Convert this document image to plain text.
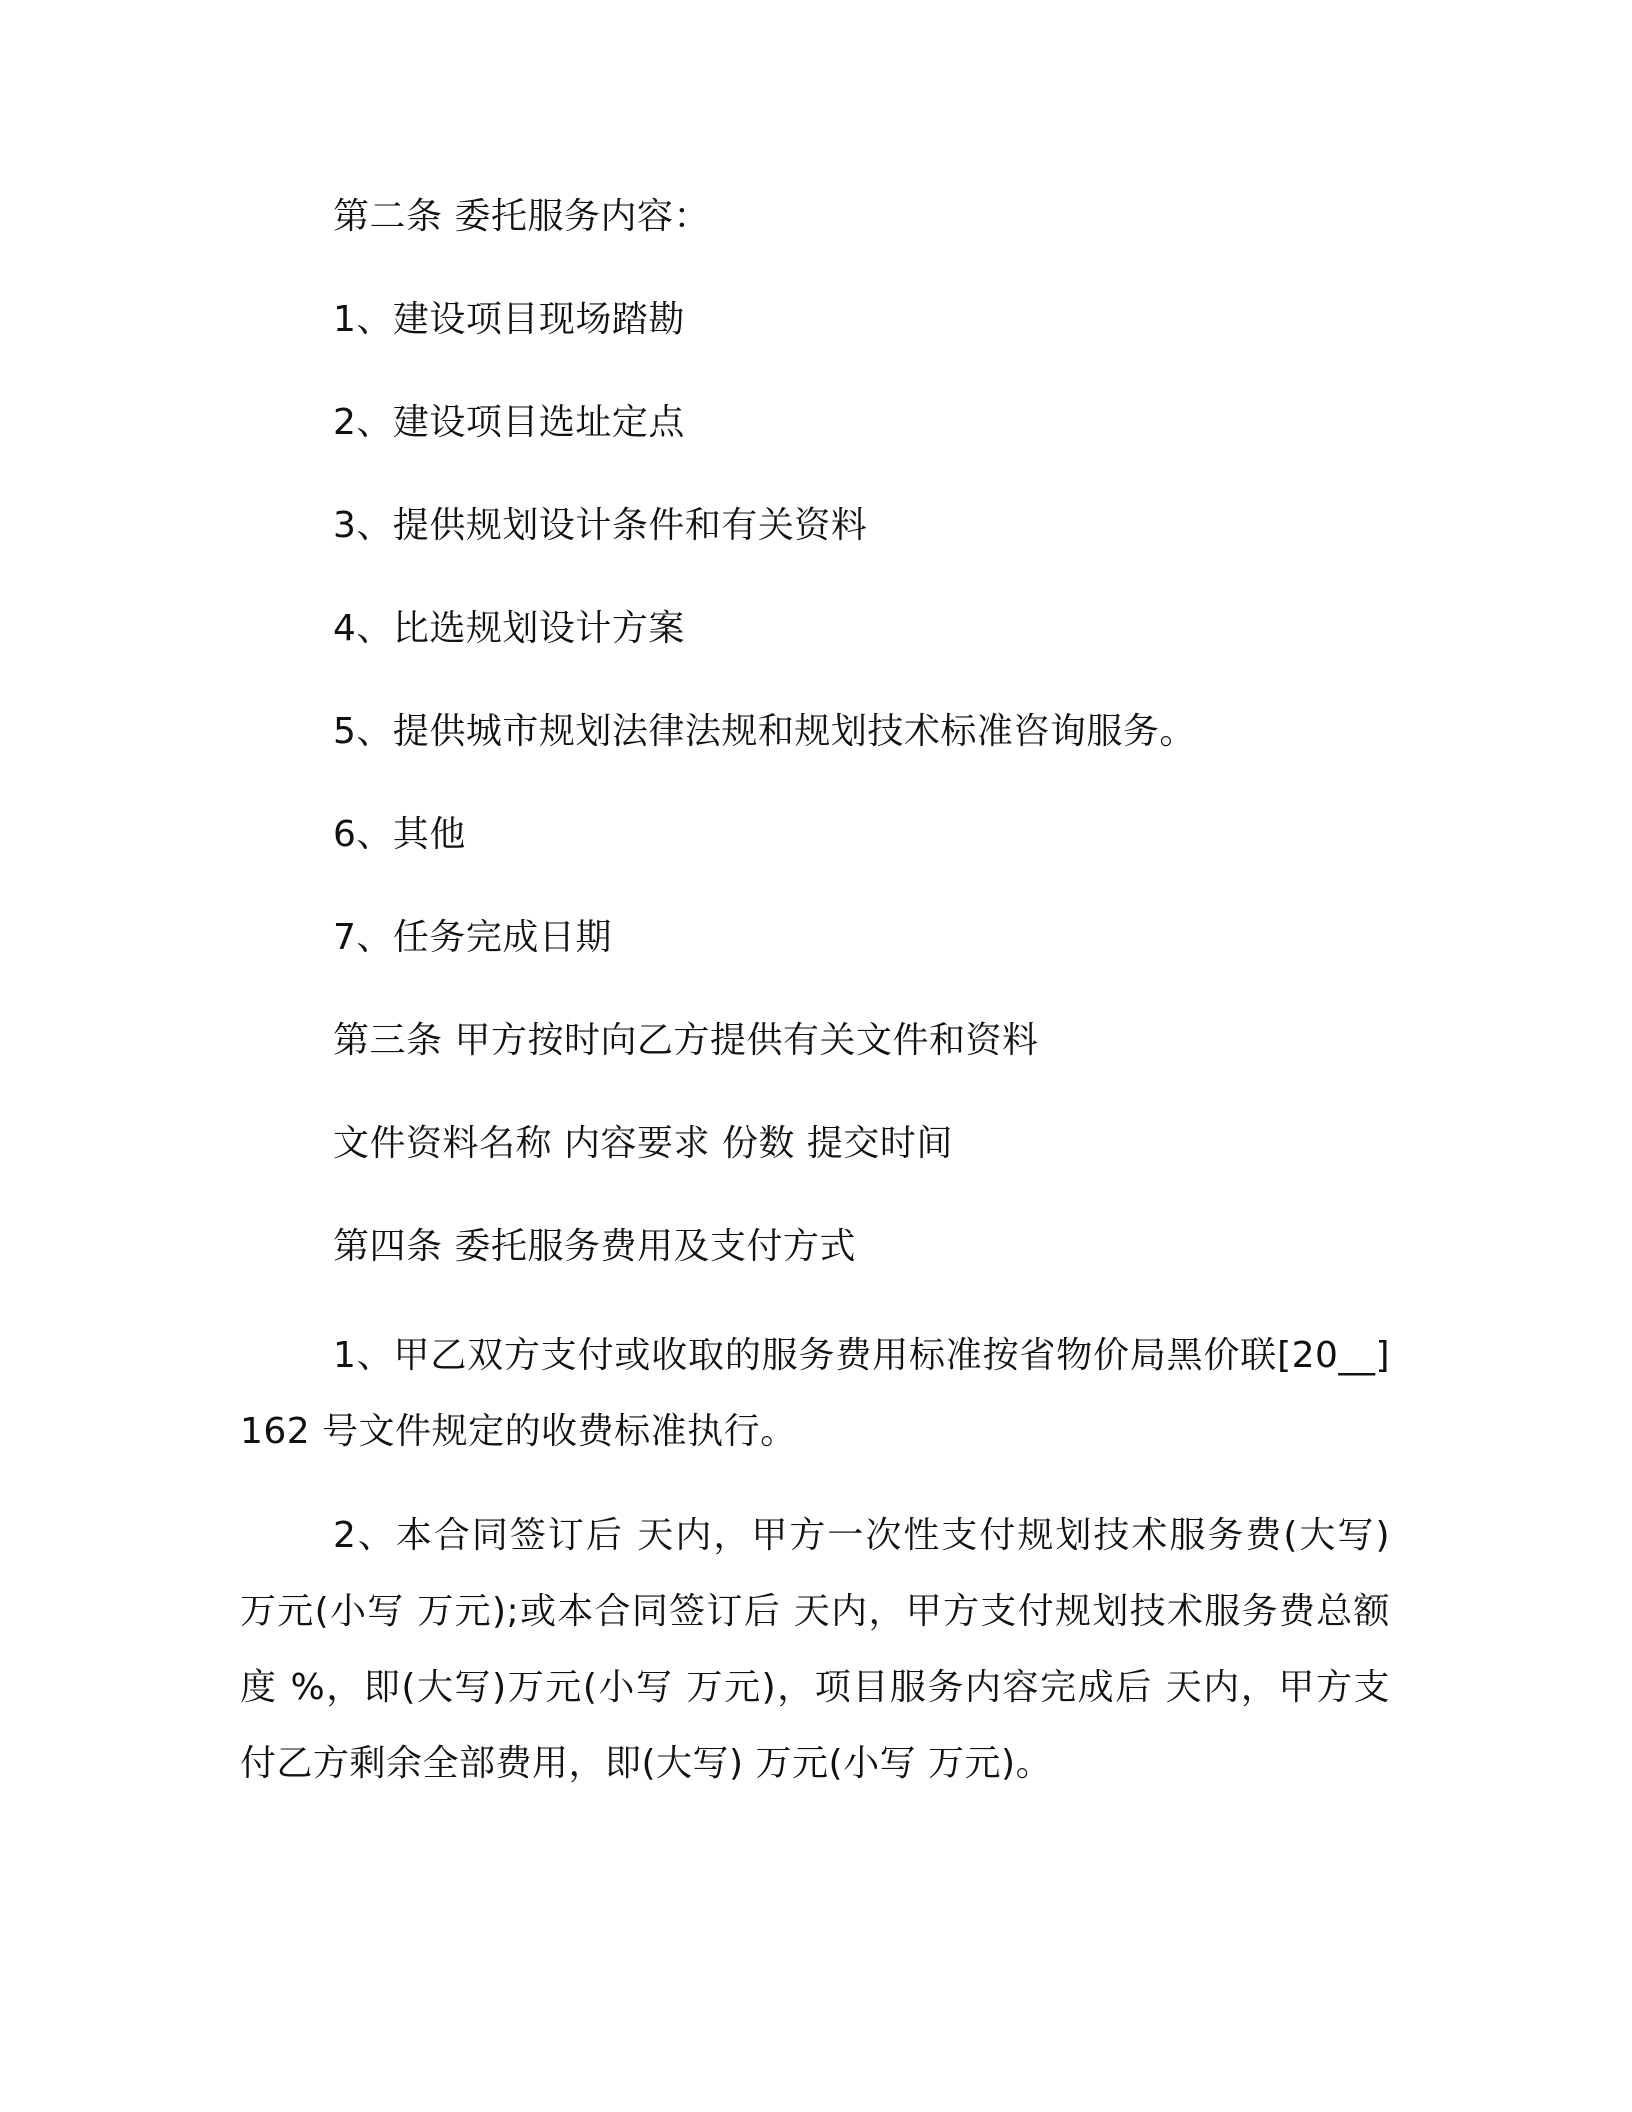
第二条 委托服务内容：
1、建设项目现场踏勘
2、建设项目选址定点
3、提供规划设计条件和有关资料
4、比选规划设计方案
5、提供城市规划法律法规和规划技术标准咨询服务。
6、其他
7、任务完成日期
第三条 甲方按时向乙方提供有关文件和资料
文件资料名称 内容要求 份数 提交时间
第四条 委托服务费用及支付方式
1、甲乙双方支付或收取的服务费用标准按省物价局黑价联[20__] 162 号文件规定的收费标准执行。
2、本合同签订后 天内，甲方一次性支付规划技术服务费(大写) 万元(小写 万元);或本合同签订后 天内，甲方支付规划技术服务费总额度 %，即(大写)万元(小写 万元)，项目服务内容完成后 天内，甲方支付乙方剩余全部费用，即(大写) 万元(小写 万元)。
